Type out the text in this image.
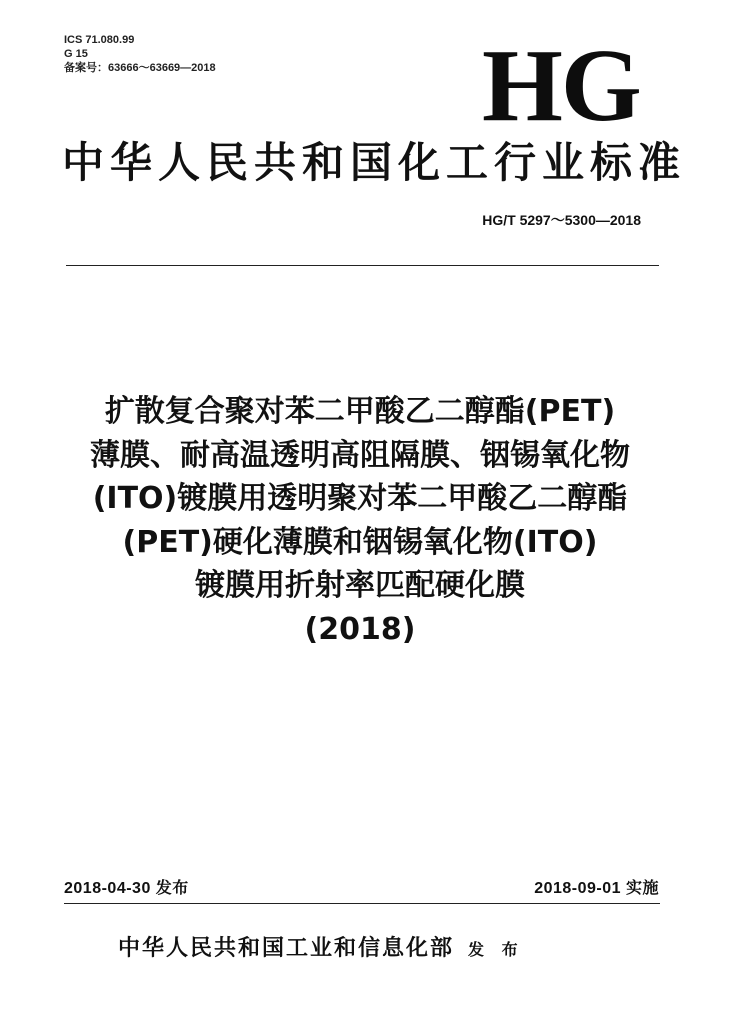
ICS 71.080.99
G 15
备案号：63666～63669—2018	HG
中华人民共和国化工行业标准
HG/T 5297～5300—2018
扩散复合聚对苯二甲酸乙二醇酯(PET)
薄膜、耐高温透明高阻隔膜、铟锡氧化物
(ITO)镀膜用透明聚对苯二甲酸乙二醇酯
(PET)硬化薄膜和铟锡氧化物(ITO)
镀膜用折射率匹配硬化膜
(2018)
2018-04-30 发布	2018-09-01 实施
中华人民共和国工业和信息化部 发 布
